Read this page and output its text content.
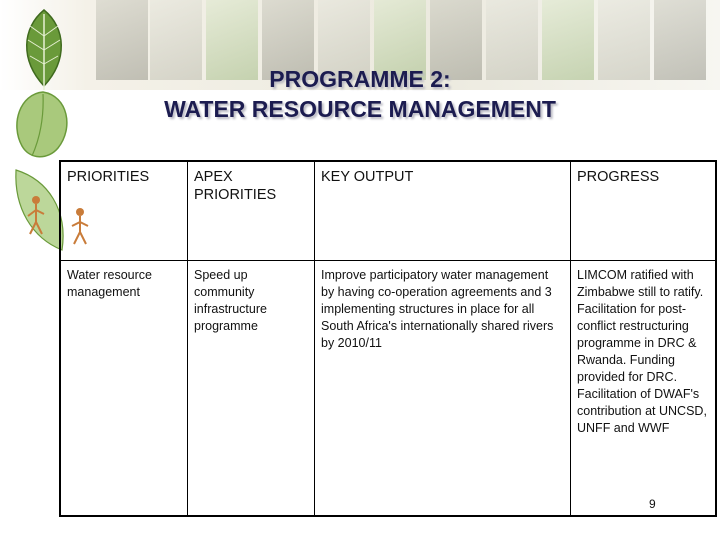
PROGRAMME 2:
WATER RESOURCE MANAGEMENT
PRIORITIES	APEX PRIORITIES	KEY OUTPUT	PROGRESS
Water resource management	Speed up community infrastructure programme	Improve participatory water management by having co-operation agreements and 3 implementing structures in place for all South Africa's internationally shared rivers by 2010/11	LIMCOM ratified with Zimbabwe still to ratify. Facilitation for post-conflict restructuring programme in DRC & Rwanda. Funding provided for DRC. Facilitation of DWAF's contribution at UNCSD, UNFF and WWF
9
